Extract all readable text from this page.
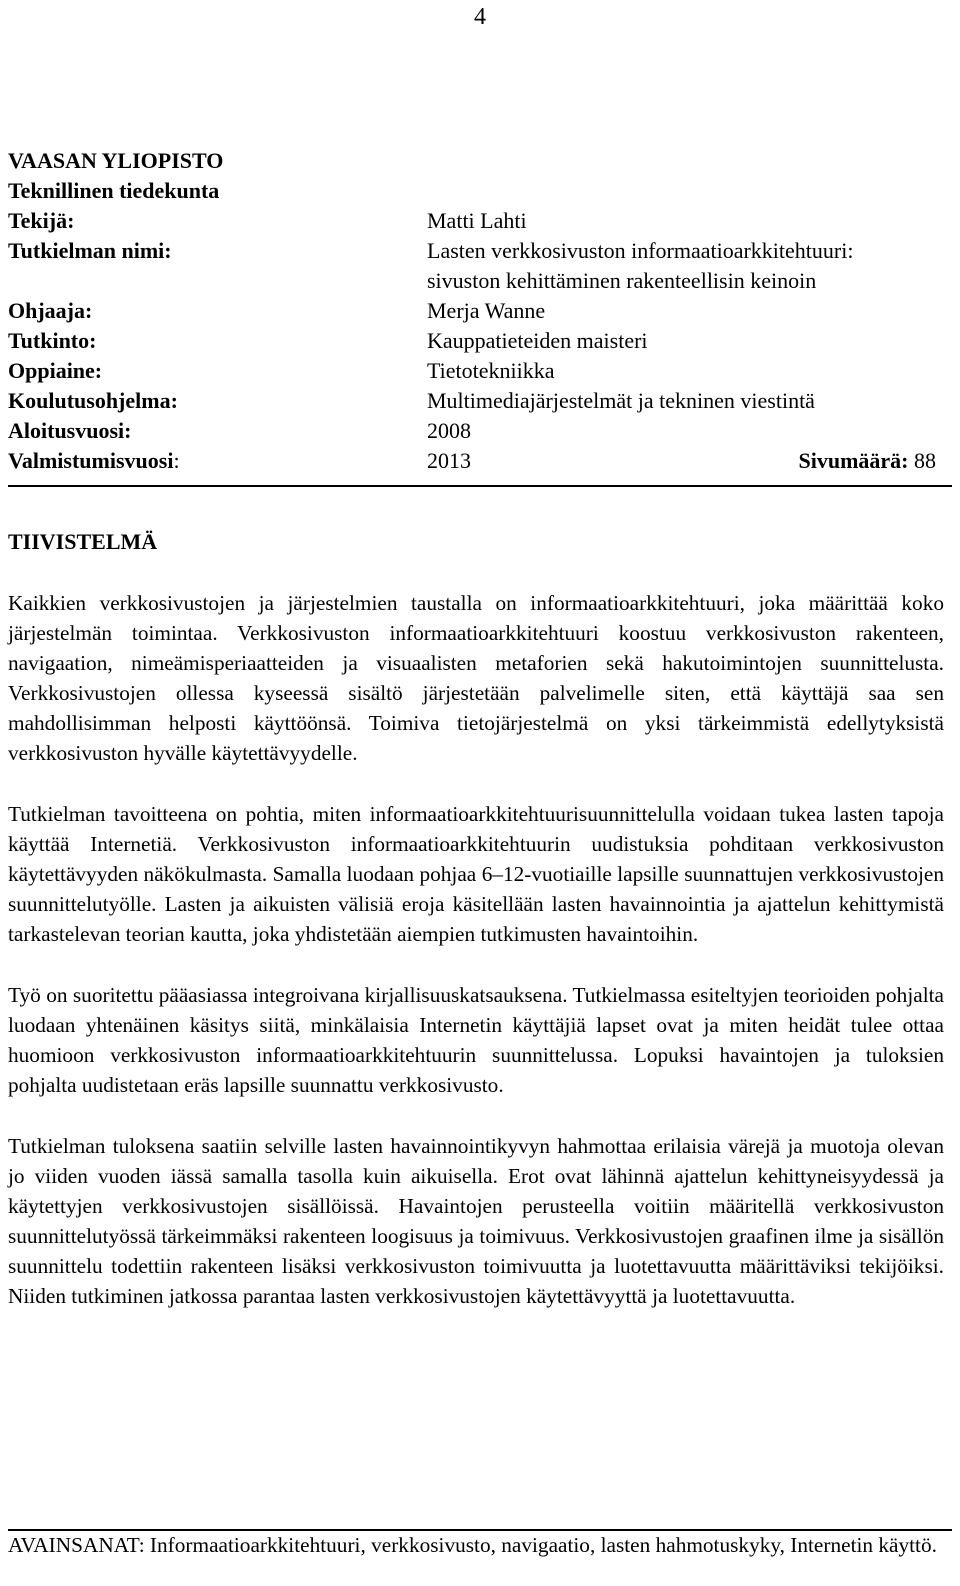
4
VAASAN YLIOPISTO
Teknillinen tiedekunta
Tekijä:	Matti Lahti
Tutkielman nimi:	Lasten verkkosivuston informaatioarkkitehtuuri:
sivuston kehittäminen rakenteellisin keinoin
Ohjaaja:	Merja Wanne
Tutkinto:	Kauppatieteiden maisteri
Oppiaine:	Tietotekniikka
Koulutusohjelma:	Multimediajärjestelmät ja tekninen viestintä
Aloitusvuosi:	2008
Valmistumisvuosi:	2013	Sivumäärä: 88
TIIVISTELMÄ

Kaikkien verkkosivustojen ja järjestelmien taustalla on informaatioarkkitehtuuri, joka määrittää koko järjestelmän toimintaa. Verkkosivuston informaatioarkkitehtuuri koostuu verkkosivuston rakenteen, navigaation, nimeämisperiaatteiden ja visuaalisten metaforien sekä hakutoimintojen suunnittelusta. Verkkosivustojen ollessa kyseessä sisältö järjestetään palvelimelle siten, että käyttäjä saa sen mahdollisimman helposti käyttöönsä. Toimiva tietojärjestelmä on yksi tärkeimmistä edellytyksistä verkkosivuston hyvälle käytettävyydelle.

Tutkielman tavoitteena on pohtia, miten informaatioarkkitehtuurisuunnittelulla voidaan tukea lasten tapoja käyttää Internetiä. Verkkosivuston informaatioarkkitehtuurin uudistuksia pohditaan verkkosivuston käytettävyyden näkökulmasta. Samalla luodaan pohjaa 6–12-vuotiaille lapsille suunnattujen verkkosivustojen suunnittelutyölle. Lasten ja aikuisten välisiä eroja käsitellään lasten havainnointia ja ajattelun kehittymistä tarkastelevan teorian kautta, joka yhdistetään aiempien tutkimusten havaintoihin.

Työ on suoritettu pääasiassa integroivana kirjallisuuskatsauksena. Tutkielmassa esiteltyjen teorioiden pohjalta luodaan yhtenäinen käsitys siitä, minkälaisia Internetin käyttäjiä lapset ovat ja miten heidät tulee ottaa huomioon verkkosivuston informaatioarkkitehtuurin suunnittelussa. Lopuksi havaintojen ja tuloksien pohjalta uudistetaan eräs lapsille suunnattu verkkosivusto.

Tutkielman tuloksena saatiin selville lasten havainnointikyvyn hahmottaa erilaisia värejä ja muotoja olevan jo viiden vuoden iässä samalla tasolla kuin aikuisella. Erot ovat lähinnä ajattelun kehittyneisyydessä ja käytettyjen verkkosivustojen sisällöissä. Havaintojen perusteella voitiin määritellä verkkosivuston suunnittelutyössä tärkeimmäksi rakenteen loogisuus ja toimivuus. Verkkosivustojen graafinen ilme ja sisällön suunnittelu todettiin rakenteen lisäksi verkkosivuston toimivuutta ja luotettavuutta määrittäviksi tekijöiksi. Niiden tutkiminen jatkossa parantaa lasten verkkosivustojen käytettävyyttä ja luotettavuutta.

AVAINSANAT: Informaatioarkkitehtuuri, verkkosivusto, navigaatio, lasten hahmotuskyky, Internetin käyttö.
